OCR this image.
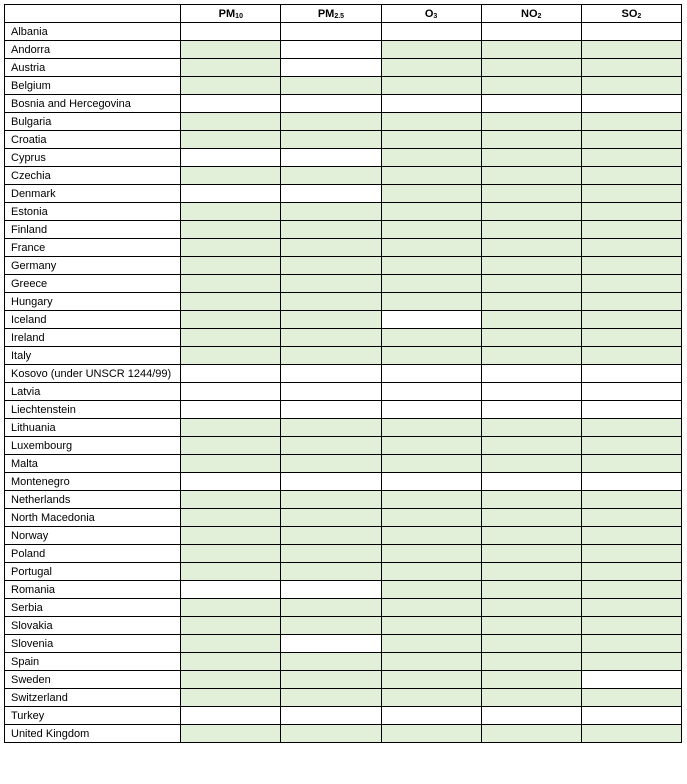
	$PM_{10}$	$PM_{2.5}$	$O_3$	$NO_2$	$SO_2$
Albania					
Andorra					
Austria					
Belgium					
Bosnia and Hercegovina					
Bulgaria					
Croatia					
Cyprus					
Czechia					
Denmark					
Estonia					
Finland					
France					
Germany					
Greece					
Hungary					
Iceland					
Ireland					
Italy					
Kosovo (under UNSCR 1244/99)					
Latvia					
Liechtenstein					
Lithuania					
Luxembourg					
Malta					
Montenegro					
Netherlands					
North Macedonia					
Norway					
Poland					
Portugal					
Romania					
Serbia					
Slovakia					
Slovenia					
Spain					
Sweden					
Switzerland					
Turkey					
United Kingdom					
